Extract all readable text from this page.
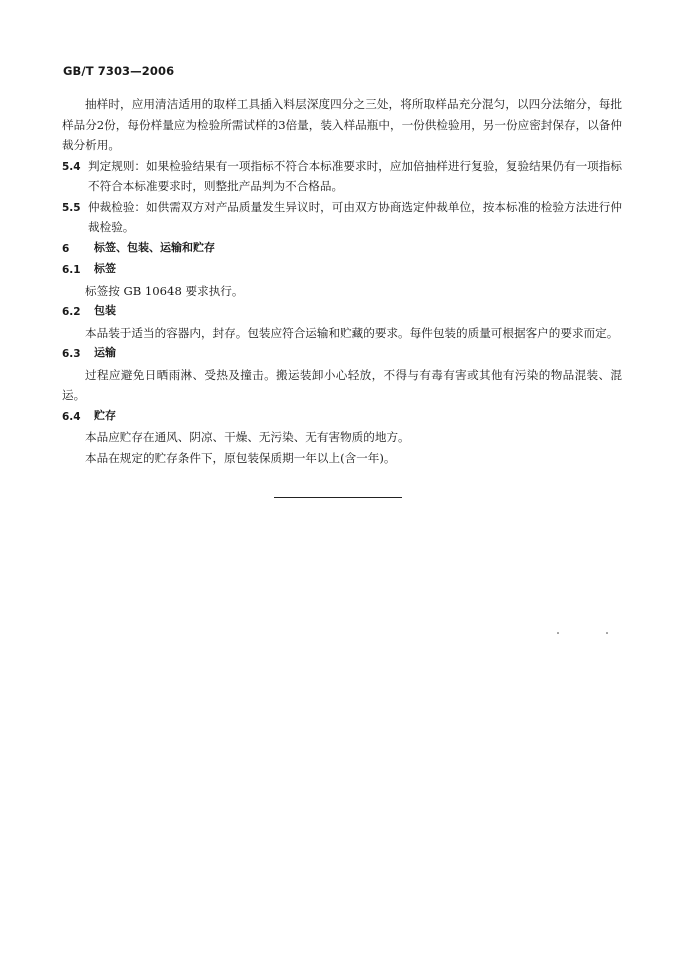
GB/T 7303—2006

抽样时，应用清洁适用的取样工具插入料层深度四分之三处，将所取样品充分混匀，以四分法缩分，每批样品分2份，每份样量应为检验所需试样的3倍量，装入样品瓶中，一份供检验用，另一份应密封保存，以备仲裁分析用。

5.4 判定规则：如果检验结果有一项指标不符合本标准要求时，应加倍抽样进行复验，复验结果仍有一项指标不符合本标准要求时，则整批产品判为不合格品。
5.5 仲裁检验：如供需双方对产品质量发生异议时，可由双方协商选定仲裁单位，按本标准的检验方法进行仲裁检验。
6	标签、包装、运输和贮存
6.1	标签

标签按 GB 10648 要求执行。

6.2	包装

本品装于适当的容器内，封存。包装应符合运输和贮藏的要求。每件包装的质量可根据客户的要求而定。

6.3	运输

过程应避免日晒雨淋、受热及撞击。搬运装卸小心轻放，不得与有毒有害或其他有污染的物品混装、混运。

6.4	贮存

本品应贮存在通风、阴凉、干燥、无污染、无有害物质的地方。

本品在规定的贮存条件下，原包装保质期一年以上(含一年)。
